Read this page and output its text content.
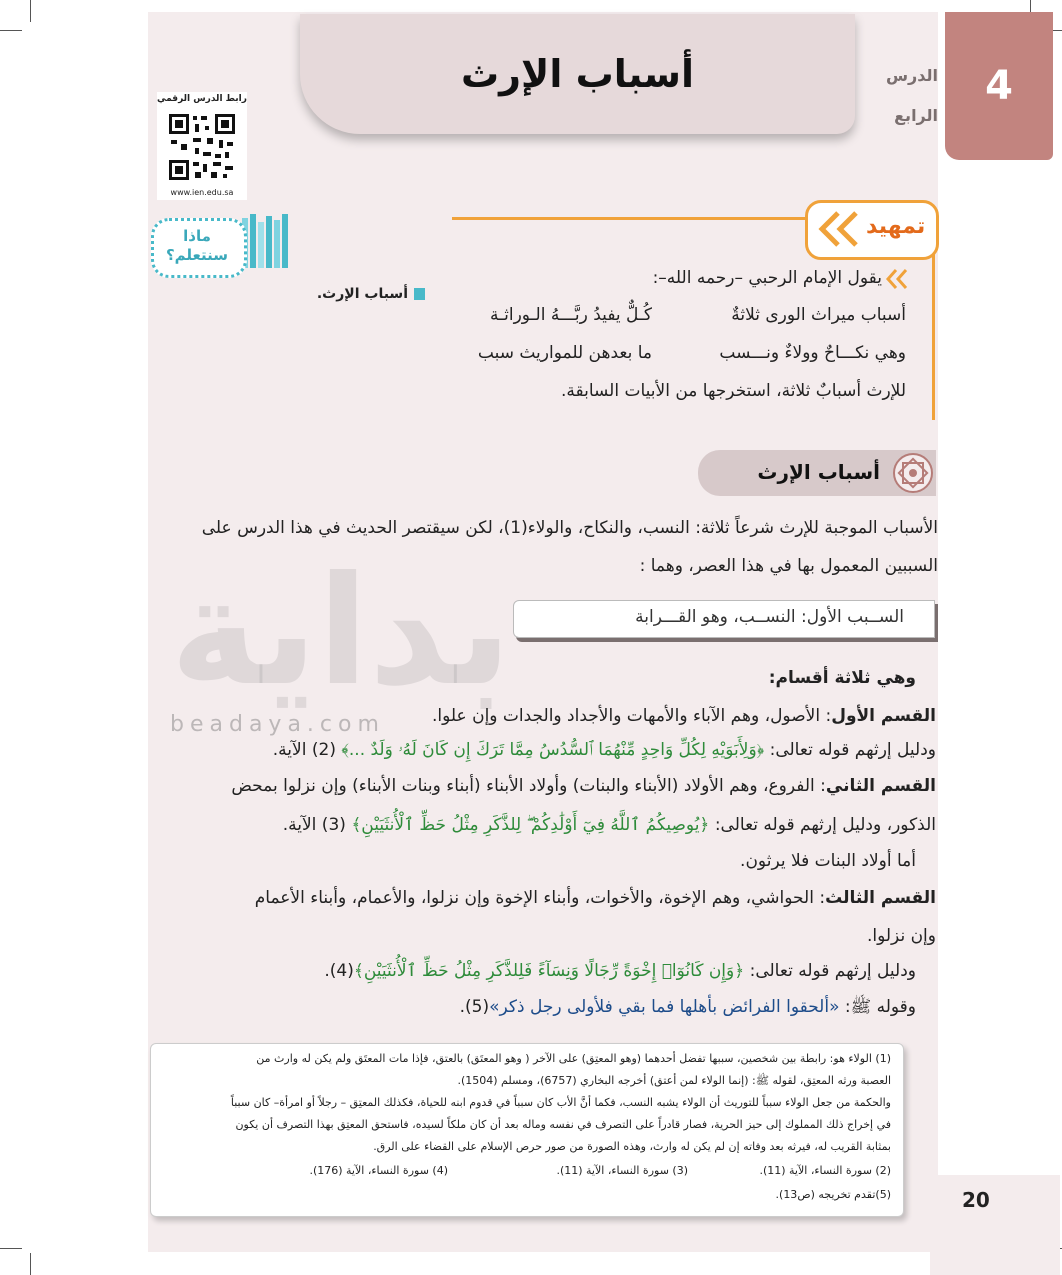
4
الدرس
الرابع
أسباب الإرث
رابط الدرس الرقمي
www.ien.edu.sa
ماذا
سنتعلم؟
أسباب الإرث.
تمهيد
يقول الإمام الرحبي –رحمه الله–:
أسباب ميراث الورى ثلاثةٌ
كُـلٌّ يفيدُ ربَّـــهُ الـوراثـة
وهي نكـــاحٌ وولاءٌ ونـــسب
ما بعدهن للمواريث سبب
للإرث أسبابٌ ثلاثة، استخرجها من الأبيات السابقة.
بداية
beadaya.com
أسباب الإرث
الأسباب الموجبة للإرث شرعاً ثلاثة: النسب، والنكاح، والولاء(1)، لكن سيقتصر الحديث في هذا الدرس على
السببين المعمول بها في هذا العصر، وهما :
الســبب الأول: النســب، وهو القـــرابة
وهي ثلاثة أقسام:
القسم الأول: الأصول، وهم الآباء والأمهات والأجداد والجدات وإن علوا.
ودليل إرثهم قوله تعالى: ﴿وَلِأَبَوَيْهِ لِكُلِّ وَاحِدٍ مِّنْهُمَا ٱلسُّدُسُ مِمَّا تَرَكَ إِن كَانَ لَهُۥ وَلَدٌ ...﴾ (2) الآية.
القسم الثاني: الفروع، وهم الأولاد (الأبناء والبنات) وأولاد الأبناء (أبناء وبنات الأبناء) وإن نزلوا بمحض
الذكور، ودليل إرثهم قوله تعالى: ﴿يُوصِيكُمُ ٱللَّهُ فِيٓ أَوْلَٰدِكُمْ ۖ لِلذَّكَرِ مِثْلُ حَظِّ ٱلْأُنثَيَيْنِ﴾ (3) الآية.
أما أولاد البنات فلا يرثون.
القسم الثالث: الحواشي، وهم الإخوة، والأخوات، وأبناء الإخوة وإن نزلوا، والأعمام، وأبناء الأعمام
وإن نزلوا.
ودليل إرثهم قوله تعالى: ﴿وَإِن كَانُوٓا۟ إِخْوَةً رِّجَالًا وَنِسَآءً فَلِلذَّكَرِ مِثْلُ حَظِّ ٱلْأُنثَيَيْنِ﴾(4).
وقوله ﷺ: «ألحقوا الفرائض بأهلها فما بقي فلأولى رجل ذكر»(5).
(1) الولاء هو: رابطة بين شخصين، سببها تفضل أحدهما (وهو المعتِق) على الآخر ( وهو المعتَق) بالعتق، فإذا مات المعتَق ولم يكن له وارث من
العصبة ورثه المعتِق، لقوله ﷺ: (إنما الولاء لمن أعتق) أخرجه البخاري (6757)، ومسلم (1504).
والحكمة من جعل الولاء سبباً للتوريث أن الولاء يشبه النسب، فكما أنَّ الأب كان سبباً في قدوم ابنه للحياة، فكذلك المعتِق – رجلاً أو امرأة– كان سبباً
في إخراج ذلك المملوك إلى حيز الحرية، فصار قادراً على التصرف في نفسه وماله بعد أن كان ملكاً لسيده، فاستحق المعتِق بهذا التصرف أن يكون
بمثابة القريب له، فيرثه بعد وفاته إن لم يكن له وارث، وهذه الصورة من صور حرص الإسلام على القضاء على الرق.
(2) سورة النساء، الآية (11).
(3) سورة النساء، الآية (11).
(4) سورة النساء، الآية (176).
(5)تقدم تخريجه (ص13).	20
